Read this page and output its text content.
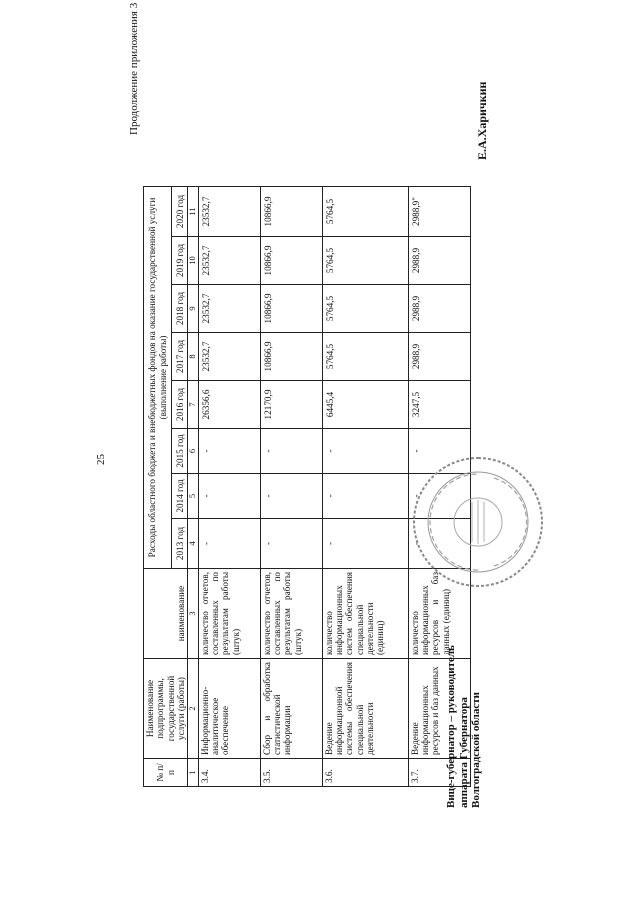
25
Продолжение приложения 3
№ п/п	Наименование подпрограммы, государственной услуги (работы)	наименование	Расходы областного бюджета и внебюджетных фондов на оказание государственной услуги (выполнение работы)							
			2013 год	2014 год	2015 год	2016 год	2017 год	2018 год	2019 год	2020 год
1	2	3	4	5	6	7	8	9	10	11
3.4.	Информационно-аналитическое обеспечение	количество отчетов, составленных по результатам работы (штук)	-	-	-	26356,6	23532,7	23532,7	23532,7	23532,7
3.5.	Сбор и обработка статистической информации	количество отчетов, составленных по результатам работы (штук)	-	-	-	12170,9	10866,9	10866,9	10866,9	10866,9
3.6.	Ведение информационной системы обеспечения специальной деятельности	количество информационных систем обеспечения специальной деятельности (единиц)	-	-	-	6445,4	5764,5	5764,5	5764,5	5764,5
3.7.	Ведение информационных ресурсов и баз данных	количество информационных ресурсов и баз данных (единиц)	-	-	-	3247,5	2988,9	2988,9	2988,9	2988,9"
Вице-губернатор – руководитель аппарата Губернатора Волгоградской области
Е.А.Харичкин
